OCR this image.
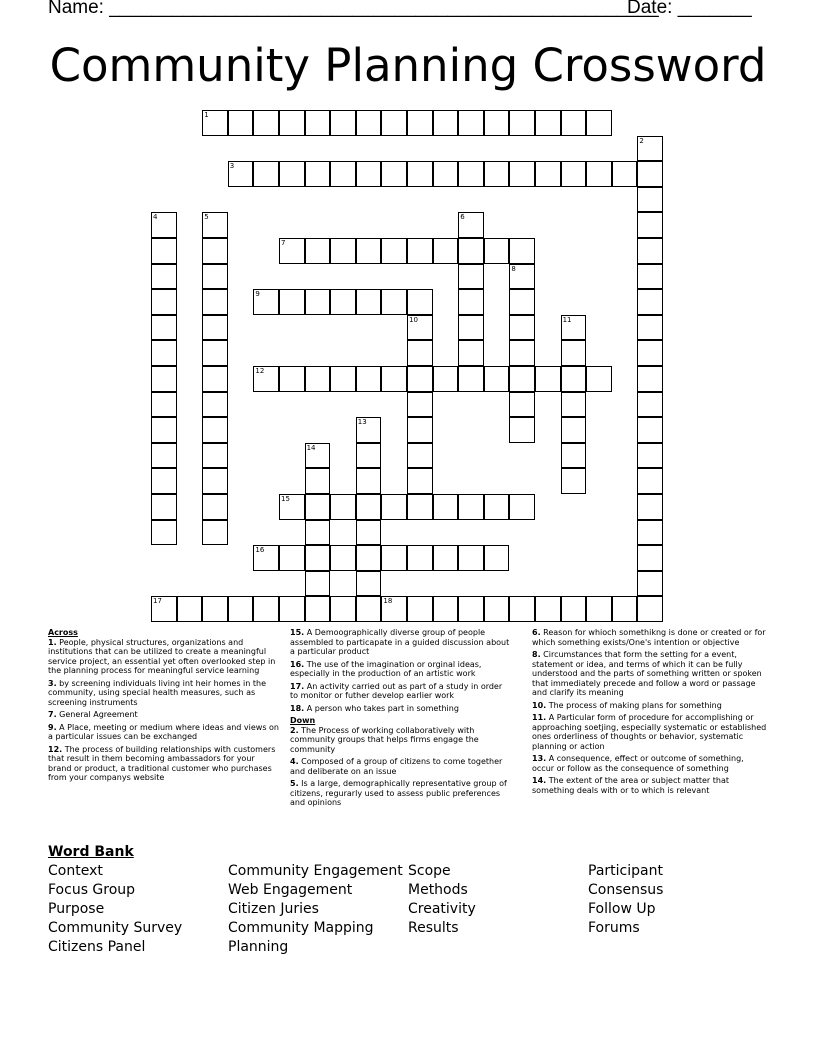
Name: ____________________________________________________
Date: _______
Community Planning Crossword
1
2
3
4	5	6
7
8
9
10	11
12
13
14
15
16
17	18
Across
1. People, physical structures, organizations and institutions that can be utilized to create a meaningful service project, an essential yet often overlooked step in the planning process for meaningful service learning
3. by screening individuals living int heir homes in the community, using special health measures, such as screening instruments
7. General Agreement
9. A Place, meeting or medium where ideas and views on a particular issues can be exchanged
12. The process of building relationships with customers that result in them becoming ambassadors for your brand or product, a traditional customer who purchases from your companys website
15. A Demoographically diverse group of people assembled to particapate in a guided discussion about a particular product
16. The use of the imagination or orginal ideas, especially in the production of an artistic work
17. An activity carried out as part of a study in order to monitor or futher develop earlier work
18. A person who takes part in something
Down
2. The Process of working collaboratively with community groups that helps firms engage the community
4. Composed of a group of citizens to come together and deliberate on an issue
5. Is a large, demographically representative group of citizens, regurarly used to assess public preferences and opinions
6. Reason for whioch somethikng is done or created or for which something exists/One's intention or objective
8. Circumstances that form the setting for a event, statement or idea, and terms of which it can be fully understood and the parts of something written or spoken that immediately precede and follow a word or passage and clarify its meaning
10. The process of making plans for something
11. A Particular form of procedure for accomplishing or approaching soetjing, especially systematic or established ones orderliness of thoughts or behavior, systematic planning or action
13. A consequence, effect or outcome of something, occur or follow as the consequence of something
14. The extent of the area or subject matter that something deals with or to which is relevant
Word Bank
Context
Focus Group
Purpose
Community Survey
Citizens Panel
Community Engagement
Web Engagement
Citizen Juries
Community Mapping
Planning
Scope
Methods
Creativity
Results
Participant
Consensus
Follow Up
Forums
